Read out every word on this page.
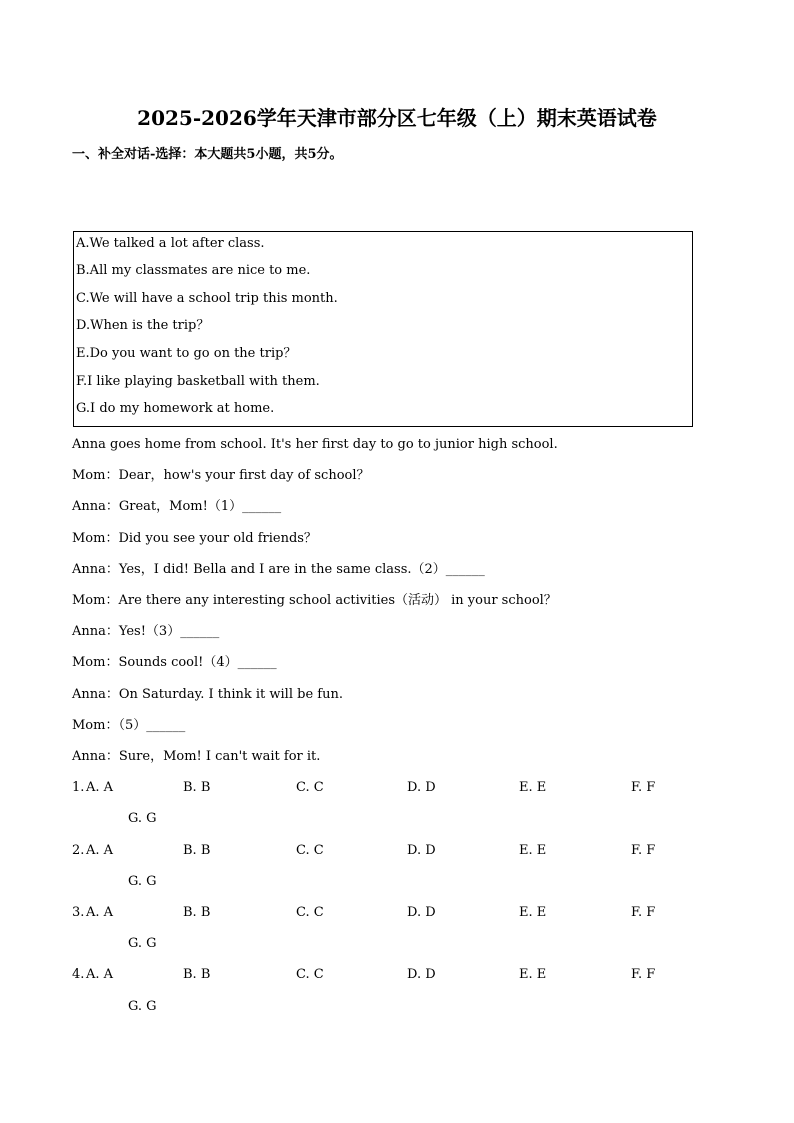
2025-2026学年天津市部分区七年级（上）期末英语试卷
一、补全对话-选择：本大题共5小题，共5分。
A.We talked a lot after class.
B.All my classmates are nice to me.
C.We will have a school trip this month.
D.When is the trip？
E.Do you want to go on the trip？
F.I like playing basketball with them.
G.I do my homework at home.
Anna goes home from school. It's her first day to go to junior high school.
Mom：Dear，how's your first day of school？
Anna：Great，Mom!（1）______
Mom：Did you see your old friends？
Anna：Yes，I did! Bella and I are in the same class.（2）______
Mom：Are there any interesting school activities（活动） in your school？
Anna：Yes!（3）______
Mom：Sounds cool!（4）______
Anna：On Saturday. I think it will be fun.
Mom：（5）______
Anna：Sure，Mom! I can't wait for it.
1. A. A	B. B	C. C	D. D	E. E	F. F
G. G
2. A. A	B. B	C. C	D. D	E. E	F. F
G. G
3. A. A	B. B	C. C	D. D	E. E	F. F
G. G
4. A. A	B. B	C. C	D. D	E. E	F. F
G. G
